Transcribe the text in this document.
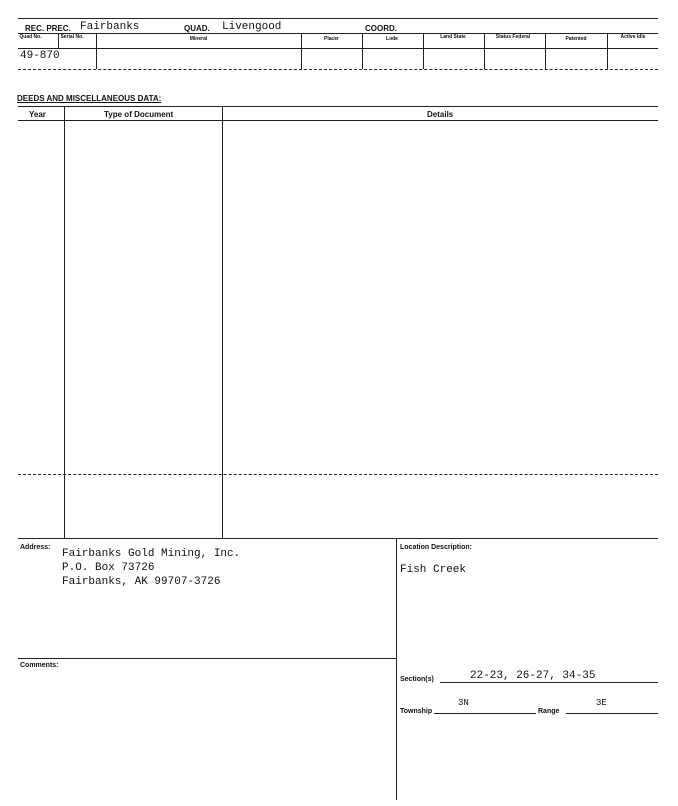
REC. PREC. Fairbanks	QUAD. Livengood	COORD.
Quad No.	Serial No.	Mineral	Placer	Lode	Land State	Status Federal	Patented	Active Idle
49-870
DEEDS AND MISCELLANEOUS DATA:
Year	Type of Document	Details
Address:
Fairbanks Gold Mining, Inc.
P.O. Box 73726
Fairbanks, AK 99707-3726
Location Description:
Fish Creek
Comments:
Section(s)	22-23, 26-27, 34-35
Township
3N
Range
3E
